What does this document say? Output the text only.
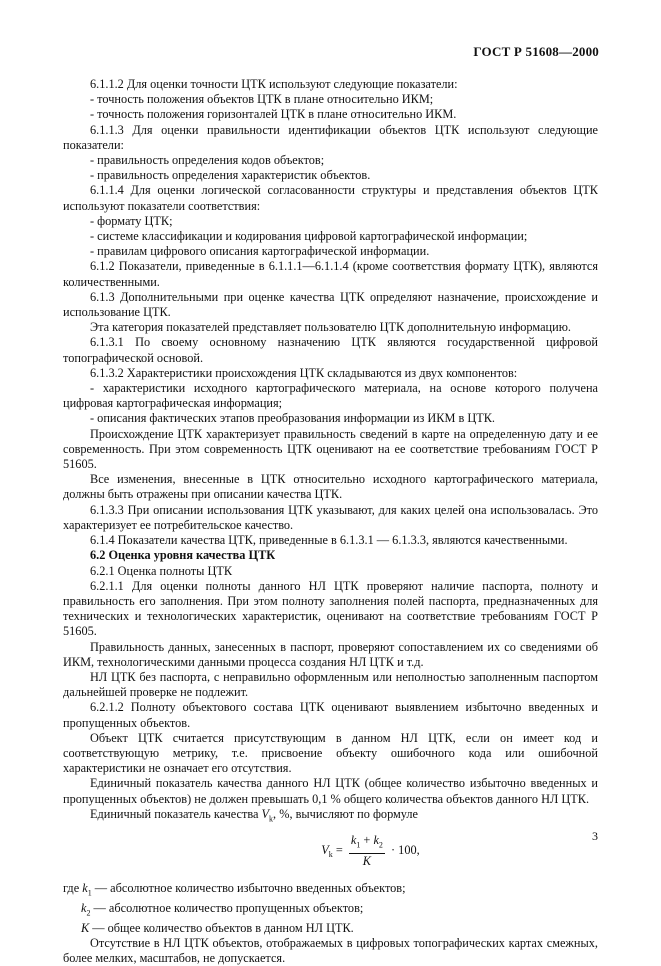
ГОСТ Р 51608—2000

6.1.1.2 Для оценки точности ЦТК используют следующие показатели:

- точность положения объектов ЦТК в плане относительно ИКМ;

- точность положения горизонталей ЦТК в плане относительно ИКМ.

6.1.1.3 Для оценки правильности идентификации объектов ЦТК используют следующие показатели:

- правильность определения кодов объектов;

- правильность определения характеристик объектов.

6.1.1.4 Для оценки логической согласованности структуры и представления объектов ЦТК используют показатели соответствия:

- формату ЦТК;

- системе классификации и кодирования цифровой картографической информации;

- правилам цифрового описания картографической информации.

6.1.2 Показатели, приведенные в 6.1.1.1—6.1.1.4 (кроме соответствия формату ЦТК), являются количественными.

6.1.3 Дополнительными при оценке качества ЦТК определяют назначение, происхождение и использование ЦТК.

Эта категория показателей представляет пользователю ЦТК дополнительную информацию.

6.1.3.1 По своему основному назначению ЦТК являются государственной цифровой топографической основой.

6.1.3.2 Характеристики происхождения ЦТК складываются из двух компонентов:

- характеристики исходного картографического материала, на основе которого получена цифровая картографическая информация;

- описания фактических этапов преобразования информации из ИКМ в ЦТК.

Происхождение ЦТК характеризует правильность сведений в карте на определенную дату и ее современность. При этом современность ЦТК оценивают на ее соответствие требованиям ГОСТ Р 51605.

Все изменения, внесенные в ЦТК относительно исходного картографического материала, должны быть отражены при описании качества ЦТК.

6.1.3.3 При описании использования ЦТК указывают, для каких целей она использовалась. Это характеризует ее потребительское качество.

6.1.4 Показатели качества ЦТК, приведенные в 6.1.3.1 — 6.1.3.3, являются качественными.

6.2 Оценка уровня качества ЦТК

6.2.1 Оценка полноты ЦТК

6.2.1.1 Для оценки полноты данного НЛ ЦТК проверяют наличие паспорта, полноту и правильность его заполнения. При этом полноту заполнения полей паспорта, предназначенных для технических и технологических характеристик, оценивают на соответствие требованиям ГОСТ Р 51605.

Правильность данных, занесенных в паспорт, проверяют сопоставлением их со сведениями об ИКМ, технологическими данными процесса создания НЛ ЦТК и т.д.

НЛ ЦТК без паспорта, с неправильно оформленным или неполностью заполненным паспортом дальнейшей проверке не подлежит.

6.2.1.2 Полноту объектового состава ЦТК оценивают выявлением избыточно введенных и пропущенных объектов.

Объект ЦТК считается присутствующим в данном НЛ ЦТК, если он имеет код и соответствующую метрику, т.е. присвоение объекту ошибочного кода или ошибочной характеристики не означает его отсутствия.

Единичный показатель качества данного НЛ ЦТК (общее количество избыточно введенных и пропущенных объектов) не должен превышать 0,1 % общего количества объектов данного НЛ ЦТК.

Единичный показатель качества $V_k$, %, вычисляют по формуле

$V_k = \frac{k_1 + k_2}{K} \cdot 100$,

где $k_1$ — абсолютное количество избыточно введенных объектов;

$k_2$ — абсолютное количество пропущенных объектов;

K — общее количество объектов в данном НЛ ЦТК.

Отсутствие в НЛ ЦТК объектов, отображаемых в цифровых топографических картах смежных, более мелких, масштабов, не допускается.

3
